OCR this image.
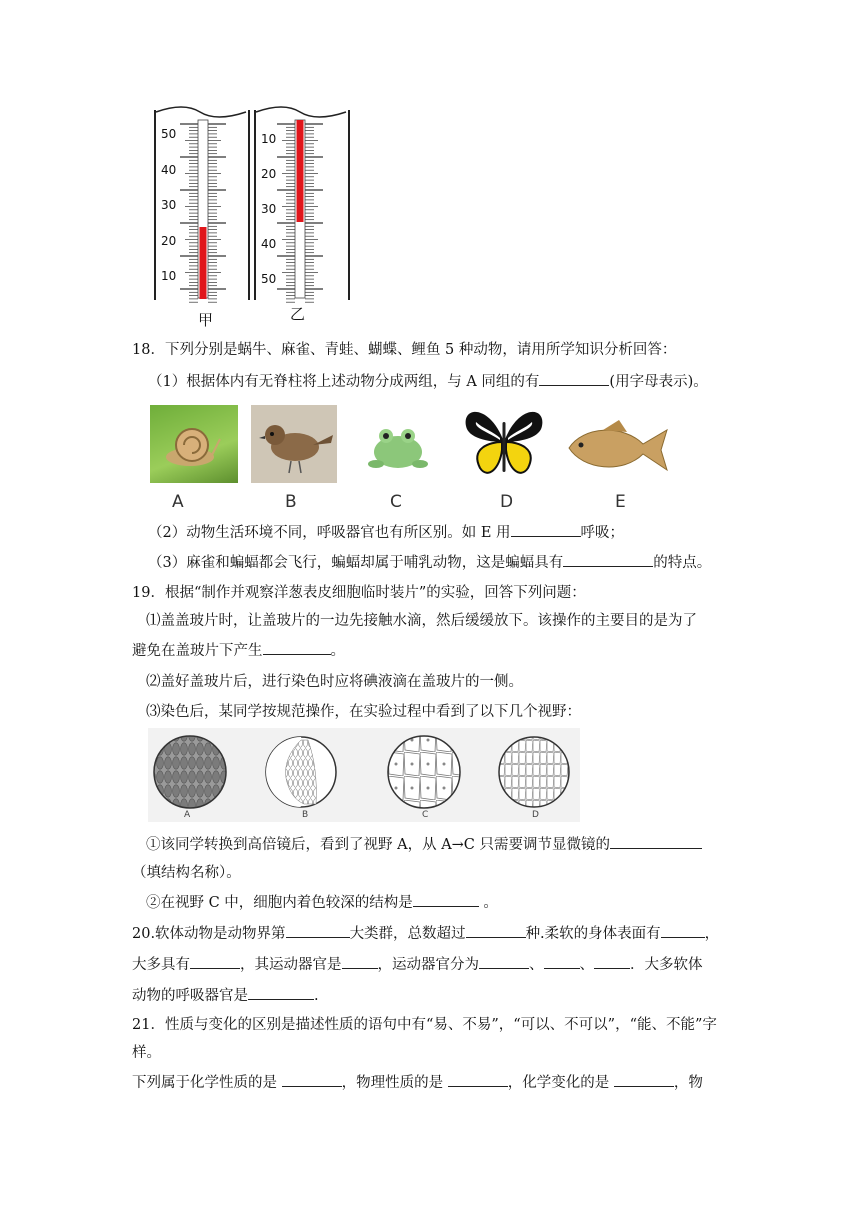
甲
50
40
30
20
10
乙
10
20
30
40
50
18．下列分别是蜗牛、麻雀、青蛙、蝴蝶、鲤鱼 5 种动物，请用所学知识分析回答：
（1）根据体内有无脊柱将上述动物分成两组，与 A 同组的有	(用字母表示)。
A	B	C	D	E
（2）动物生活环境不同，呼吸器官也有所区别。如 E 用	呼吸；
（3）麻雀和蝙蝠都会飞行，蝙蝠却属于哺乳动物，这是蝙蝠具有	的特点。
19．根据“制作并观察洋葱表皮细胞临时装片”的实验，回答下列问题：
⑴盖盖玻片时，让盖玻片的一边先接触水滴，然后缓缓放下。该操作的主要目的是为了
避免在盖玻片下产生	。
⑵盖好盖玻片后，进行染色时应将碘液滴在盖玻片的一侧。
⑶染色后，某同学按规范操作，在实验过程中看到了以下几个视野：
A	B	C	D
①该同学转换到高倍镜后，看到了视野 A，从 A→C 只需要调节显微镜的
（填结构名称）。
②在视野 C 中，细胞内着色较深的结构是	。
20.软体动物是动物界第	大类群，总数超过	种.柔软的身体表面有	，
大多具有	，其运动器官是 ，运动器官分为	、 、 ．大多软体
动物的呼吸器官是	.
21．性质与变化的区别是描述性质的语句中有“易、不易”，“可以、不可以”，“能、不能”字
样。
下列属于化学性质的是	，物理性质的是	，化学变化的是	，物
